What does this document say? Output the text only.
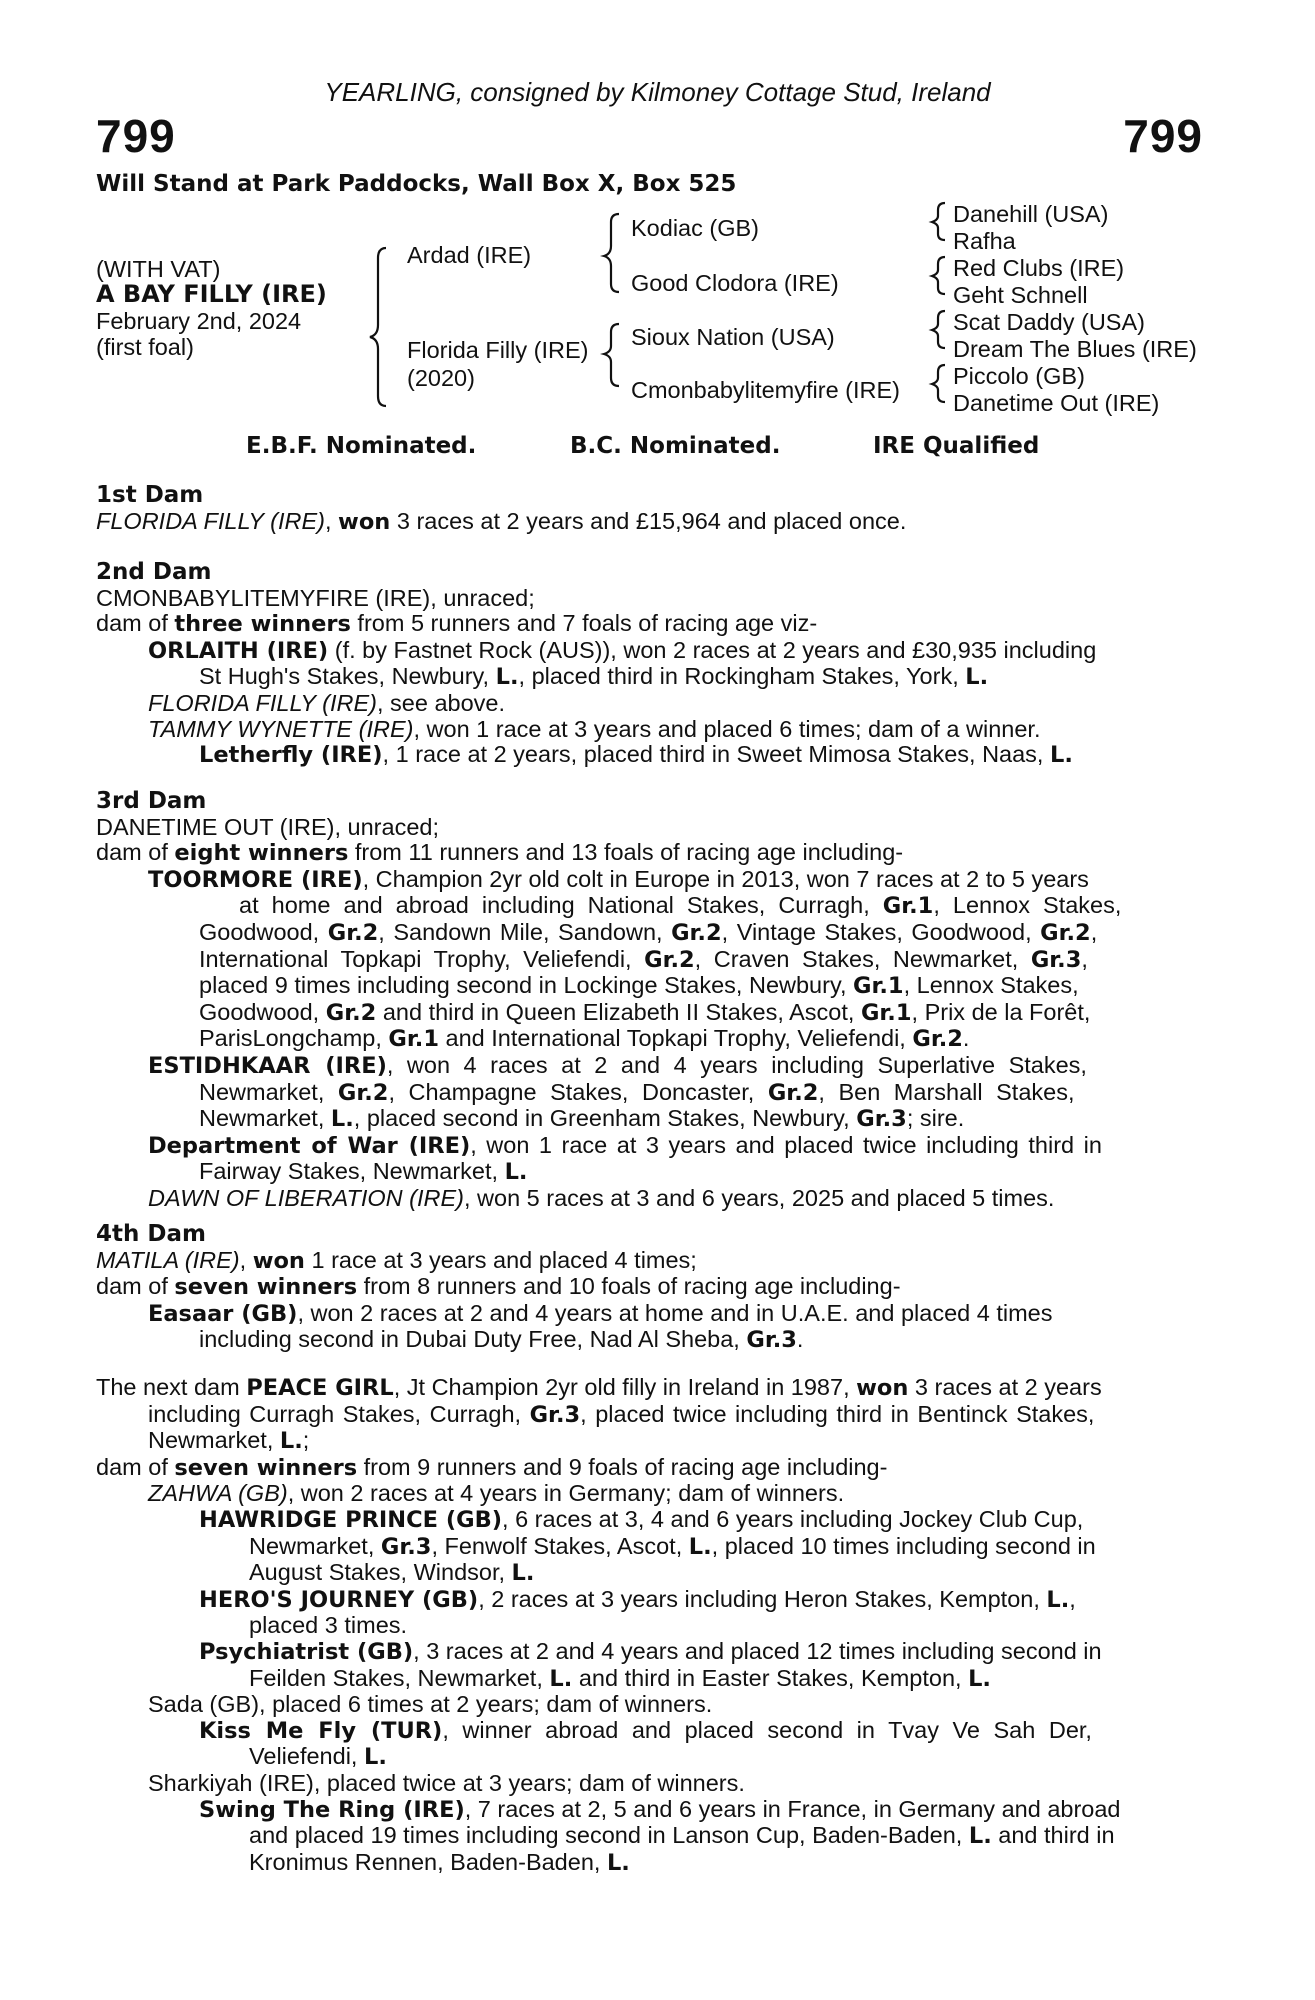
YEARLING, consigned by Kilmoney Cottage Stud, Ireland
799	799
Will Stand at Park Paddocks, Wall Box X, Box 525
(WITH VAT)
A BAY FILLY (IRE)
February 2nd, 2024
(first foal)
Ardad (IRE)
Florida Filly (IRE)
(2020)
Kodiac (GB)
Good Clodora (IRE)
Sioux Nation (USA)
Cmonbabylitemyfire (IRE)
Danehill (USA)
Rafha
Red Clubs (IRE)
Geht Schnell
Scat Daddy (USA)
Dream The Blues (IRE)
Piccolo (GB)
Danetime Out (IRE)
E.B.F. Nominated.	B.C. Nominated.	IRE Qualified
1st Dam
FLORIDA FILLY (IRE), won 3 races at 2 years and £15,964 and placed once.
2nd Dam
CMONBABYLITEMYFIRE (IRE), unraced;
dam of three winners from 5 runners and 7 foals of racing age viz-
ORLAITH (IRE) (f. by Fastnet Rock (AUS)), won 2 races at 2 years and £30,935 including
St Hugh's Stakes, Newbury, L., placed third in Rockingham Stakes, York, L.
FLORIDA FILLY (IRE), see above.
TAMMY WYNETTE (IRE), won 1 race at 3 years and placed 6 times; dam of a winner.
Letherfly (IRE), 1 race at 2 years, placed third in Sweet Mimosa Stakes, Naas, L.
3rd Dam
DANETIME OUT (IRE), unraced;
dam of eight winners from 11 runners and 13 foals of racing age including-
TOORMORE (IRE), Champion 2yr old colt in Europe in 2013, won 7 races at 2 to 5 years
at home and abroad including National Stakes, Curragh, Gr.1, Lennox Stakes,
Goodwood, Gr.2, Sandown Mile, Sandown, Gr.2, Vintage Stakes, Goodwood, Gr.2,
International Topkapi Trophy, Veliefendi, Gr.2, Craven Stakes, Newmarket, Gr.3,
placed 9 times including second in Lockinge Stakes, Newbury, Gr.1, Lennox Stakes,
Goodwood, Gr.2 and third in Queen Elizabeth II Stakes, Ascot, Gr.1, Prix de la Forêt,
ParisLongchamp, Gr.1 and International Topkapi Trophy, Veliefendi, Gr.2.
ESTIDHKAAR (IRE), won 4 races at 2 and 4 years including Superlative Stakes,
Newmarket, Gr.2, Champagne Stakes, Doncaster, Gr.2, Ben Marshall Stakes,
Newmarket, L., placed second in Greenham Stakes, Newbury, Gr.3; sire.
Department of War (IRE), won 1 race at 3 years and placed twice including third in
Fairway Stakes, Newmarket, L.
DAWN OF LIBERATION (IRE), won 5 races at 3 and 6 years, 2025 and placed 5 times.
4th Dam
MATILA (IRE), won 1 race at 3 years and placed 4 times;
dam of seven winners from 8 runners and 10 foals of racing age including-
Easaar (GB), won 2 races at 2 and 4 years at home and in U.A.E. and placed 4 times
including second in Dubai Duty Free, Nad Al Sheba, Gr.3.
The next dam PEACE GIRL, Jt Champion 2yr old filly in Ireland in 1987, won 3 races at 2 years
including Curragh Stakes, Curragh, Gr.3, placed twice including third in Bentinck Stakes,
Newmarket, L.;
dam of seven winners from 9 runners and 9 foals of racing age including-
ZAHWA (GB), won 2 races at 4 years in Germany; dam of winners.
HAWRIDGE PRINCE (GB), 6 races at 3, 4 and 6 years including Jockey Club Cup,
Newmarket, Gr.3, Fenwolf Stakes, Ascot, L., placed 10 times including second in
August Stakes, Windsor, L.
HERO'S JOURNEY (GB), 2 races at 3 years including Heron Stakes, Kempton, L.,
placed 3 times.
Psychiatrist (GB), 3 races at 2 and 4 years and placed 12 times including second in
Feilden Stakes, Newmarket, L. and third in Easter Stakes, Kempton, L.
Sada (GB), placed 6 times at 2 years; dam of winners.
Kiss Me Fly (TUR), winner abroad and placed second in Tvay Ve Sah Der,
Veliefendi, L.
Sharkiyah (IRE), placed twice at 3 years; dam of winners.
Swing The Ring (IRE), 7 races at 2, 5 and 6 years in France, in Germany and abroad
and placed 19 times including second in Lanson Cup, Baden-Baden, L. and third in
Kronimus Rennen, Baden-Baden, L.
